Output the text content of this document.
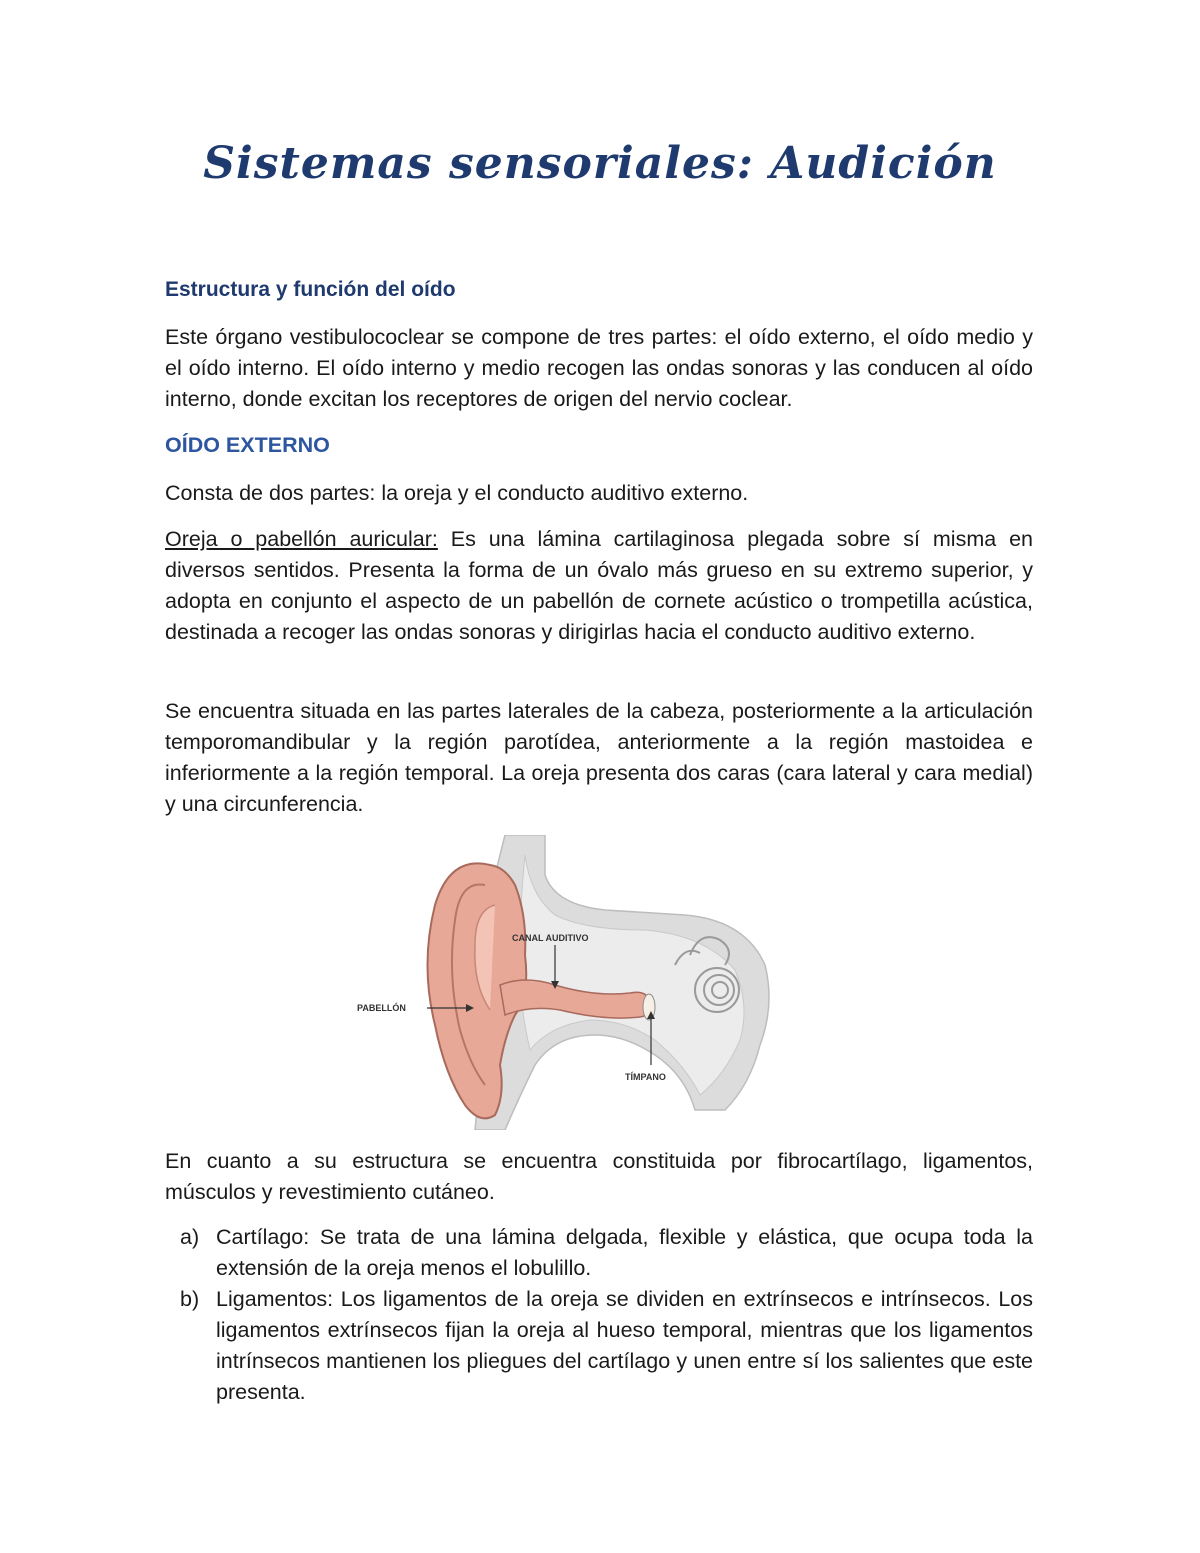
Sistemas sensoriales: Audición
Estructura y función del oído

Este órgano vestibulococlear se compone de tres partes: el oído externo, el oído medio y el oído interno. El oído interno y medio recogen las ondas sonoras y las conducen al oído interno, donde excitan los receptores de origen del nervio coclear.

OÍDO EXTERNO

Consta de dos partes: la oreja y el conducto auditivo externo.

Oreja o pabellón auricular: Es una lámina cartilaginosa plegada sobre sí misma en diversos sentidos. Presenta la forma de un óvalo más grueso en su extremo superior, y adopta en conjunto el aspecto de un pabellón de cornete acústico o trompetilla acústica, destinada a recoger las ondas sonoras y dirigirlas hacia el conducto auditivo externo.

Se encuentra situada en las partes laterales de la cabeza, posteriormente a la articulación temporomandibular y la región parotídea, anteriormente a la región mastoidea e inferiormente a la región temporal. La oreja presenta dos caras (cara lateral y cara medial) y una circunferencia.

CANAL AUDITIVO
PABELLÓN
TÍMPANO

En cuanto a su estructura se encuentra constituida por fibrocartílago, ligamentos, músculos y revestimiento cutáneo.

a) Cartílago: Se trata de una lámina delgada, flexible y elástica, que ocupa toda la extensión de la oreja menos el lobulillo.
b) Ligamentos: Los ligamentos de la oreja se dividen en extrínsecos e intrínsecos. Los ligamentos extrínsecos fijan la oreja al hueso temporal, mientras que los ligamentos intrínsecos mantienen los pliegues del cartílago y unen entre sí los salientes que este presenta.
